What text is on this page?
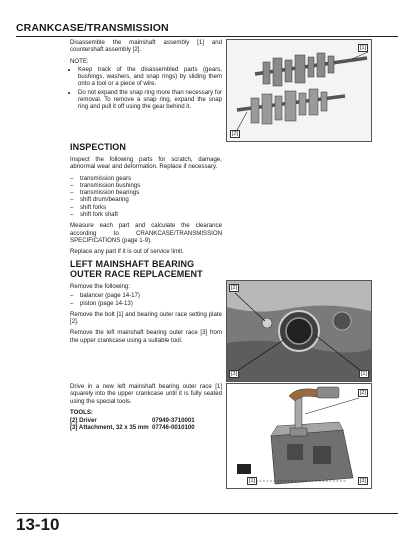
CRANKCASE/TRANSMISSION

Disassemble the mainshaft assembly [1] and countershaft assembly [2].

NOTE:
• Keep track of the disassembled parts (gears, bushings, washers, and snap rings) by sliding them onto a tool or a piece of wire.
• Do not expand the snap ring more than necessary for removal. To remove a snap ring, expand the snap ring and pull it off using the gear behind it.
INSPECTION

Inspect the following parts for scratch, damage, abnormal wear and deformation. Replace if necessary.

– transmission gears
– transmission bushings
– transmission bearings
– shift drum/bearing
– shift forks
– shift fork shaft

Measure each part and calculate the clearance according to CRANKCASE/TRANSMISSION SPECIFICATIONS (page 1-9).

Replace any part if it is out of service limit.

LEFT MAINSHAFT BEARING OUTER RACE REPLACEMENT
Remove the following:
– balancer (page 14-17)
– piston (page 14-13)

Remove the bolt [1] and bearing outer race setting plate [2].

Remove the left mainshaft bearing outer race [3] from the upper crankcase using a suitable tool.

Drive in a new left mainshaft bearing outer race [1] squarely into the upper crankcase until it is fully seated using the special tools.

TOOLS:
[2] Driver	07949-3710001
[3] Attachment, 32 x 35 mm 07746-0010100
[1]
[2]
[2]
[3]	[1]
[2]
[1]	[3]
13-10
